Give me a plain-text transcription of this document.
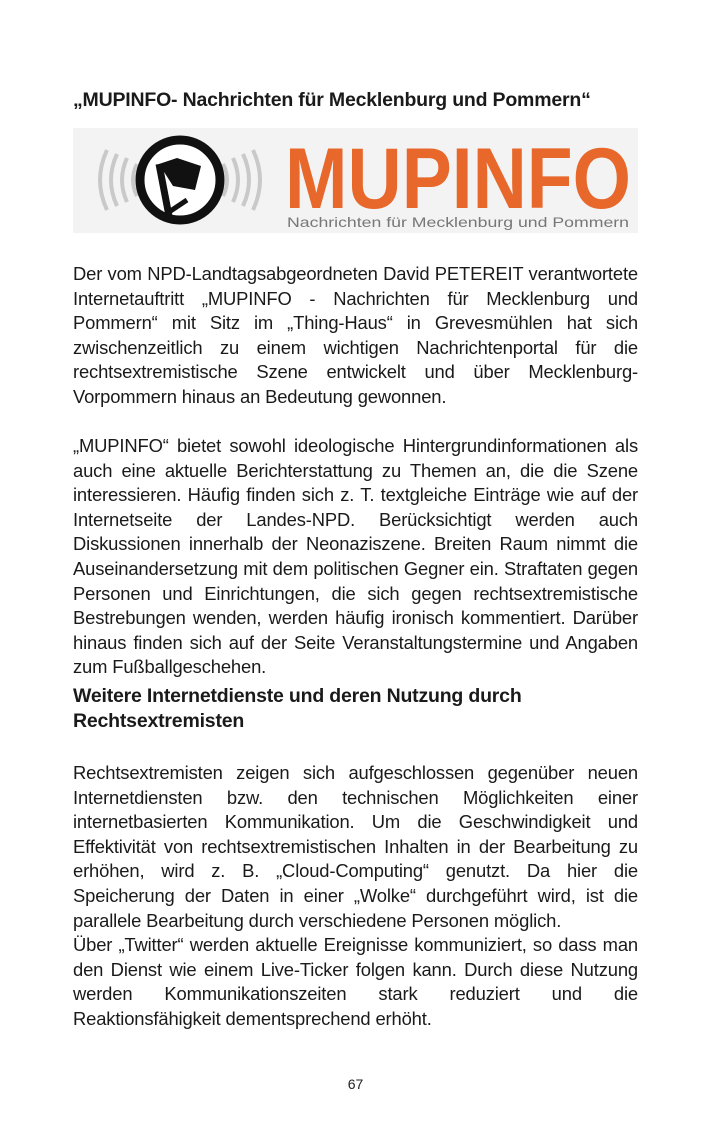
„MUPINFO- Nachrichten für Mecklenburg und Pommern“
MUPINFO
Nachrichten für Mecklenburg und Pommern

Der vom NPD-Landtagsabgeordneten David PETEREIT verantwortete Internetauftritt „MUPINFO - Nachrichten für Mecklenburg und Pommern“ mit Sitz im „Thing-Haus“ in Grevesmühlen hat sich zwischenzeitlich zu einem wichtigen Nachrichtenportal für die rechtsextremistische Szene entwickelt und über Mecklenburg-Vorpommern hinaus an Bedeutung gewonnen.

„MUPINFO“ bietet sowohl ideologische Hintergrundinformationen als auch eine aktuelle Berichterstattung zu Themen an, die die Szene interessieren. Häufig finden sich z. T. textgleiche Einträge wie auf der Internetseite der Landes-NPD. Berücksichtigt werden auch Diskussionen innerhalb der Neonaziszene. Breiten Raum nimmt die Auseinandersetzung mit dem politischen Gegner ein. Straftaten gegen Personen und Einrichtungen, die sich gegen rechtsextremistische Bestrebungen wenden, werden häufig ironisch kommentiert. Darüber hinaus finden sich auf der Seite Veranstaltungstermine und Angaben zum Fußballgeschehen.

Weitere Internetdienste und deren Nutzung durch Rechtsextremisten

Rechtsextremisten zeigen sich aufgeschlossen gegenüber neuen Internetdiensten bzw. den technischen Möglichkeiten einer internetbasierten Kommunikation. Um die Geschwindigkeit und Effektivität von rechtsextremistischen Inhalten in der Bearbeitung zu erhöhen, wird z. B. „Cloud-Computing“ genutzt. Da hier die Speicherung der Daten in einer „Wolke“ durchgeführt wird, ist die parallele Bearbeitung durch verschiedene Personen möglich.

Über „Twitter“ werden aktuelle Ereignisse kommuniziert, so dass man den Dienst wie einem Live-Ticker folgen kann. Durch diese Nutzung werden Kommunikationszeiten stark reduziert und die Reaktionsfähigkeit dementsprechend erhöht.

67
